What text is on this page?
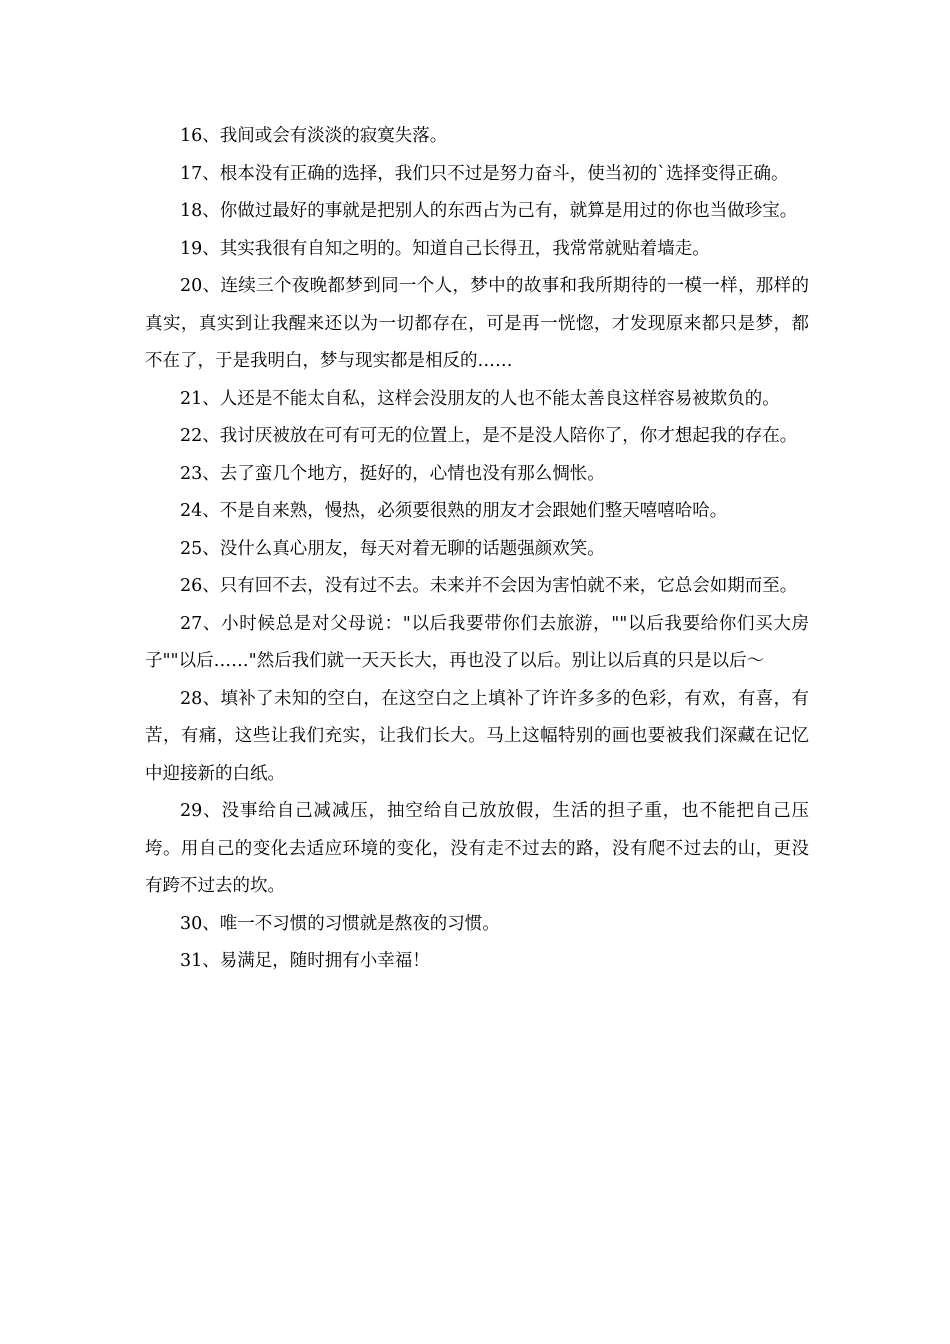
16、我间或会有淡淡的寂寞失落。

17、根本没有正确的选择，我们只不过是努力奋斗，使当初的`选择变得正确。

18、你做过最好的事就是把别人的东西占为己有，就算是用过的你也当做珍宝。

19、其实我很有自知之明的。知道自己长得丑，我常常就贴着墙走。

20、连续三个夜晚都梦到同一个人，梦中的故事和我所期待的一模一样，那样的真实，真实到让我醒来还以为一切都存在，可是再一恍惚，才发现原来都只是梦，都不在了，于是我明白，梦与现实都是相反的……

21、人还是不能太自私，这样会没朋友的人也不能太善良这样容易被欺负的。

22、我讨厌被放在可有可无的位置上，是不是没人陪你了，你才想起我的存在。

23、去了蛮几个地方，挺好的，心情也没有那么惆怅。

24、不是自来熟，慢热，必须要很熟的朋友才会跟她们整天嘻嘻哈哈。

25、没什么真心朋友，每天对着无聊的话题强颜欢笑。

26、只有回不去，没有过不去。未来并不会因为害怕就不来，它总会如期而至。

27、小时候总是对父母说："以后我要带你们去旅游，""以后我要给你们买大房子""以后……"然后我们就一天天长大，再也没了以后。别让以后真的只是以后～

28、填补了未知的空白，在这空白之上填补了许许多多的色彩，有欢，有喜，有苦，有痛，这些让我们充实，让我们长大。马上这幅特别的画也要被我们深藏在记忆中迎接新的白纸。

29、没事给自己减减压，抽空给自己放放假，生活的担子重，也不能把自己压垮。用自己的变化去适应环境的变化，没有走不过去的路，没有爬不过去的山，更没有跨不过去的坎。

30、唯一不习惯的习惯就是熬夜的习惯。

31、易满足，随时拥有小幸福！
